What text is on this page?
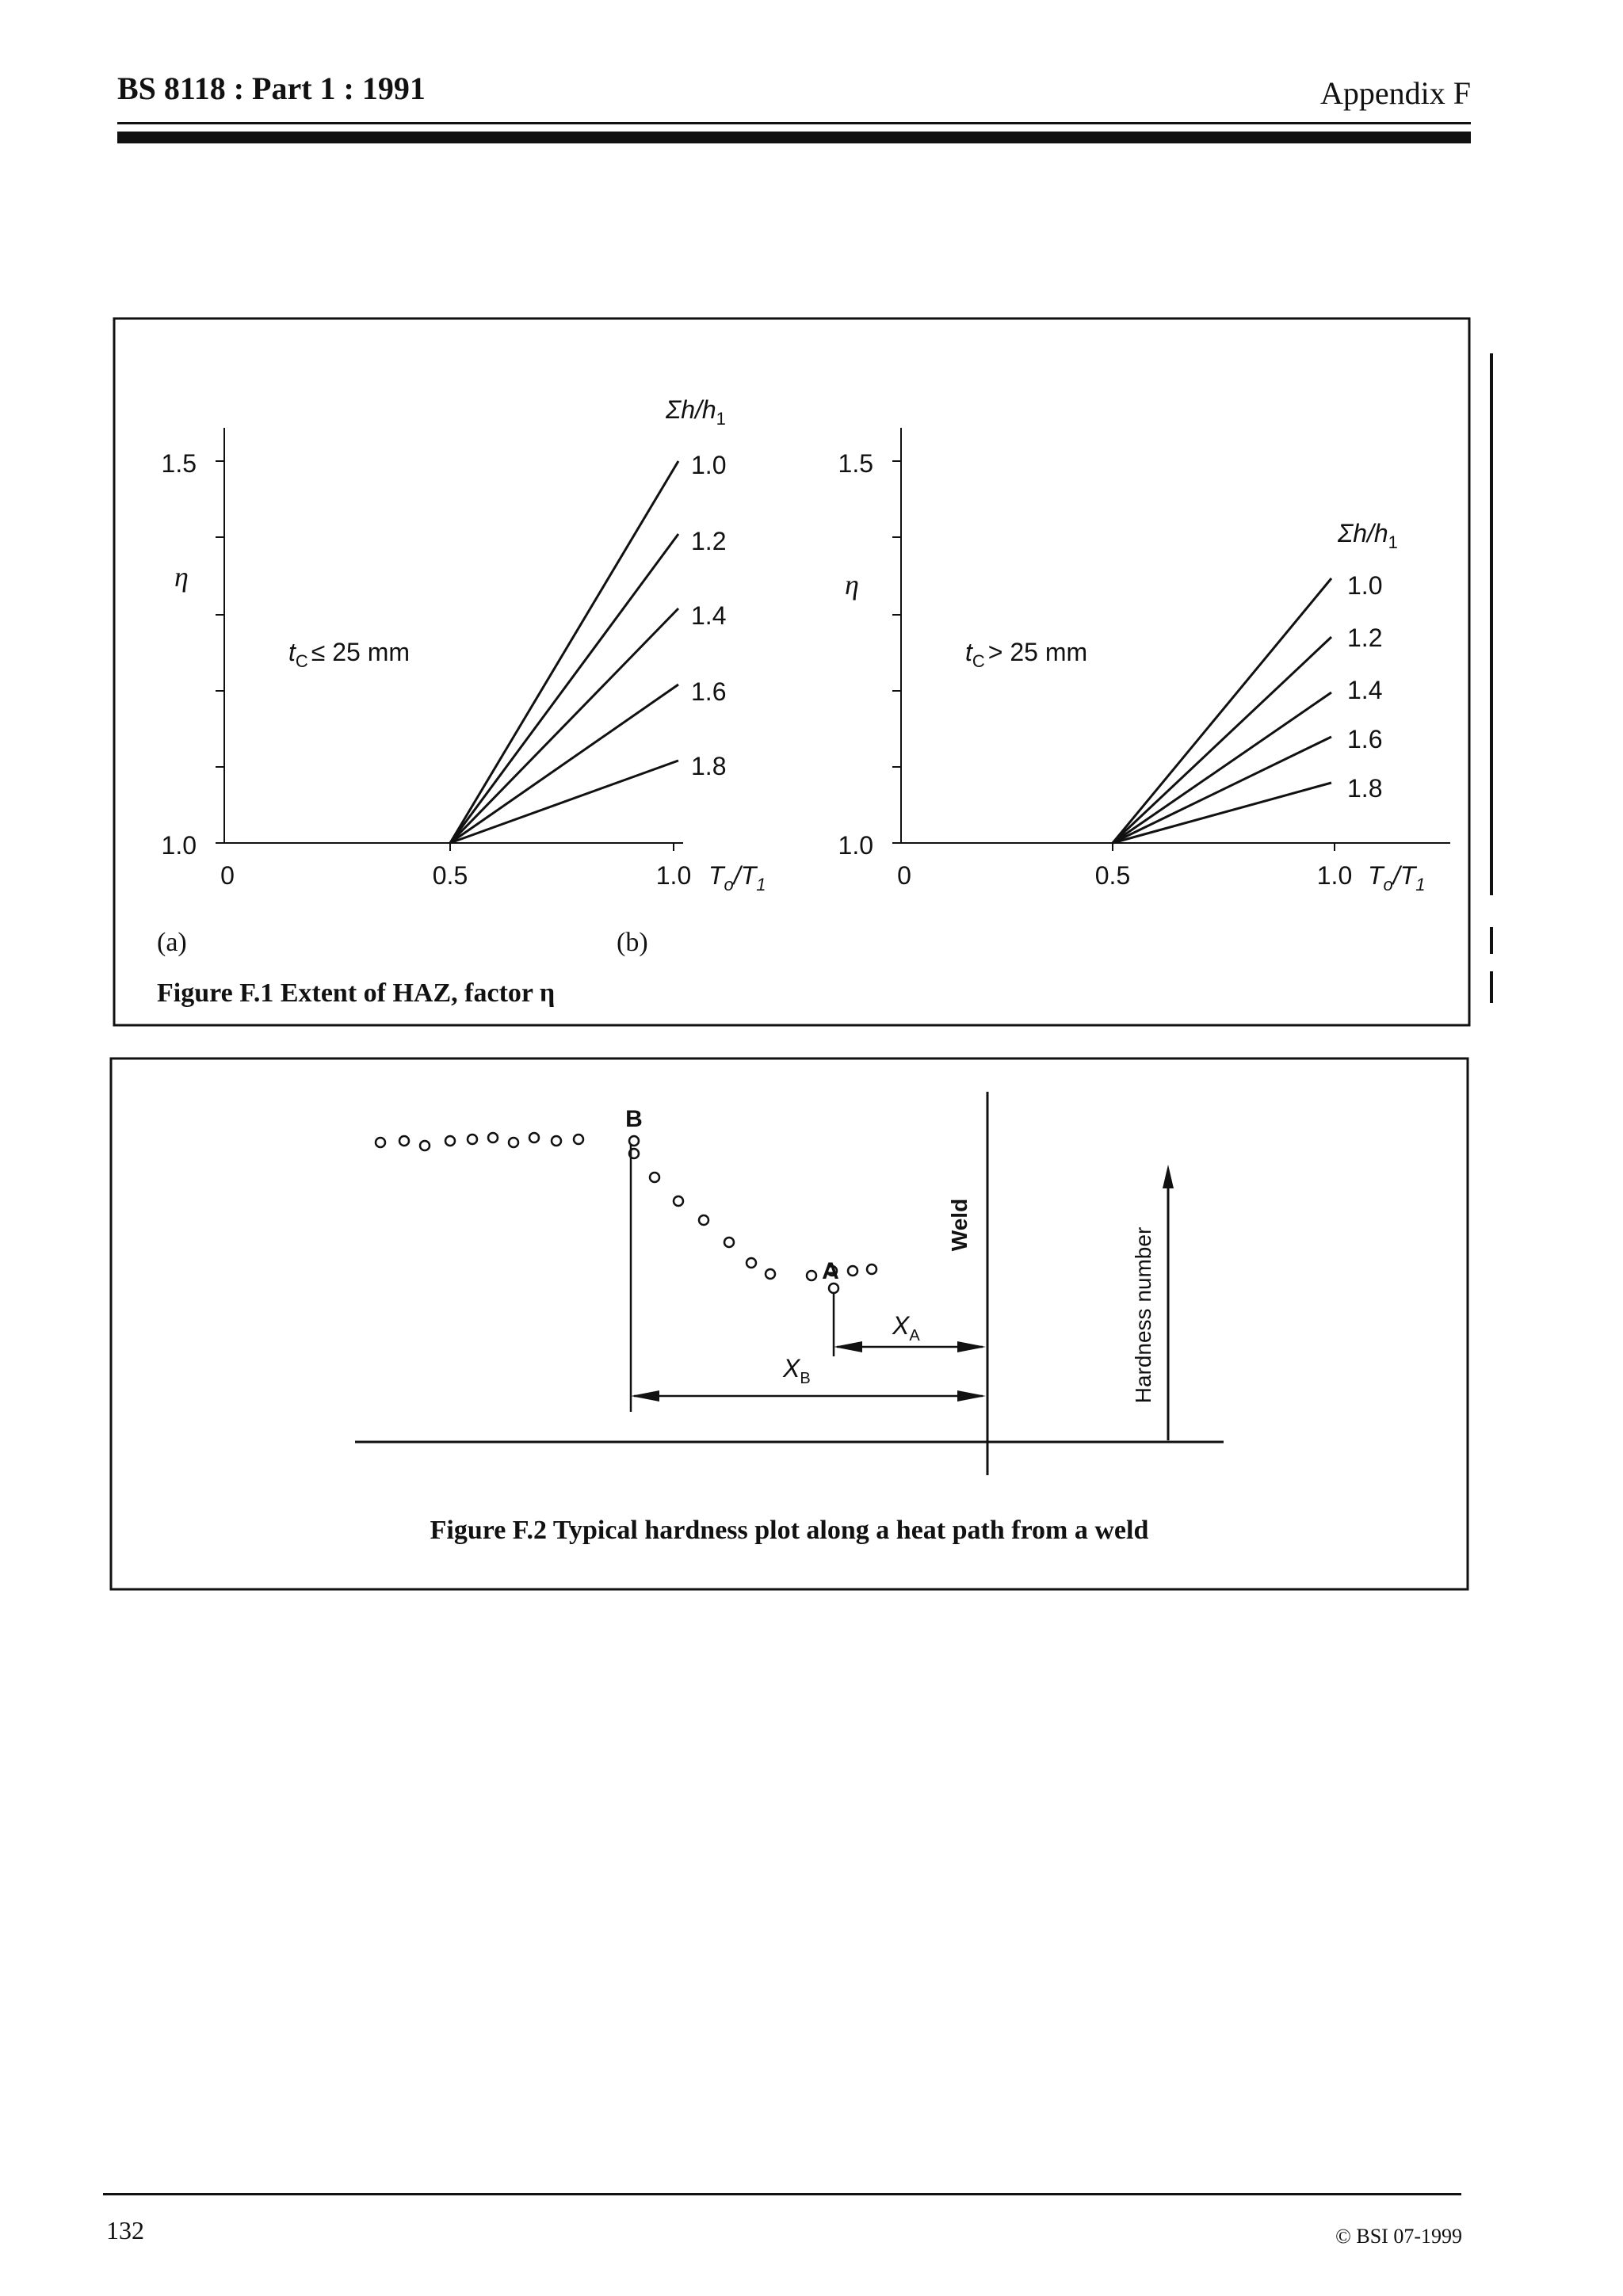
BS 8118 : Part 1 : 1991	Appendix F
1.5
1.0
η
0	0.5	1.0 $T_o/T_1$
$t_C \le 25$ mm
$\Sigma h/h_1$
1.0
1.2
1.4
1.6
1.8
1.5
1.0
η
0	0.5	1.0 $T_o/T_1$
$t_C > 25$ mm
$\Sigma h/h_1$
1.0
1.2
1.4
1.6
1.8
(a)	(b)
Figure F.1 Extent of HAZ, factor η
B
A
$X_A$
$X_B$
Weld
Hardness number
Figure F.2 Typical hardness plot along a heat path from a weld
132	© BSI 07-1999
